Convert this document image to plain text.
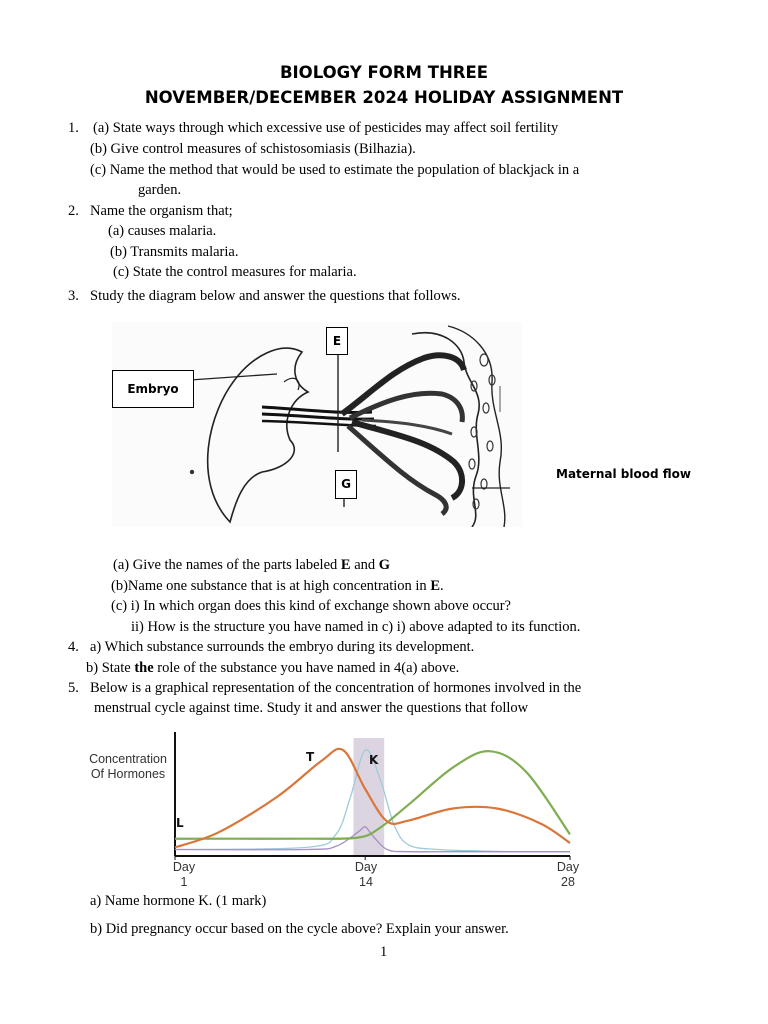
BIOLOGY FORM THREE
NOVEMBER/DECEMBER 2024 HOLIDAY ASSIGNMENT
1. (a) State ways through which excessive use of pesticides may affect soil fertility
(b) Give control measures of schistosomiasis (Bilhazia).
(c) Name the method that would be used to estimate the population of blackjack in a
garden.
2. Name the organism that;
(a) causes malaria.
(b) Transmits malaria.
(c) State the control measures for malaria.
3. Study the diagram below and answer the questions that follows.
Embryo
E
G
Maternal blood flow
(a) Give the names of the parts labeled E and G
(b)Name one substance that is at high concentration in E.
(c) i) In which organ does this kind of exchange shown above occur?
ii) How is the structure you have named in c) i) above adapted to its function.
4. a) Which substance surrounds the embryo during its development.
b) State the role of the substance you have named in 4(a) above.
5. Below is a graphical representation of the concentration of hormones involved in the
menstrual cycle against time. Study it and answer the questions that follow
Concentration Of Hormones
T	K
L
Day
1
Day
14
Day
28
a) Name hormone K. (1 mark)
b) Did pregnancy occur based on the cycle above? Explain your answer.
1
